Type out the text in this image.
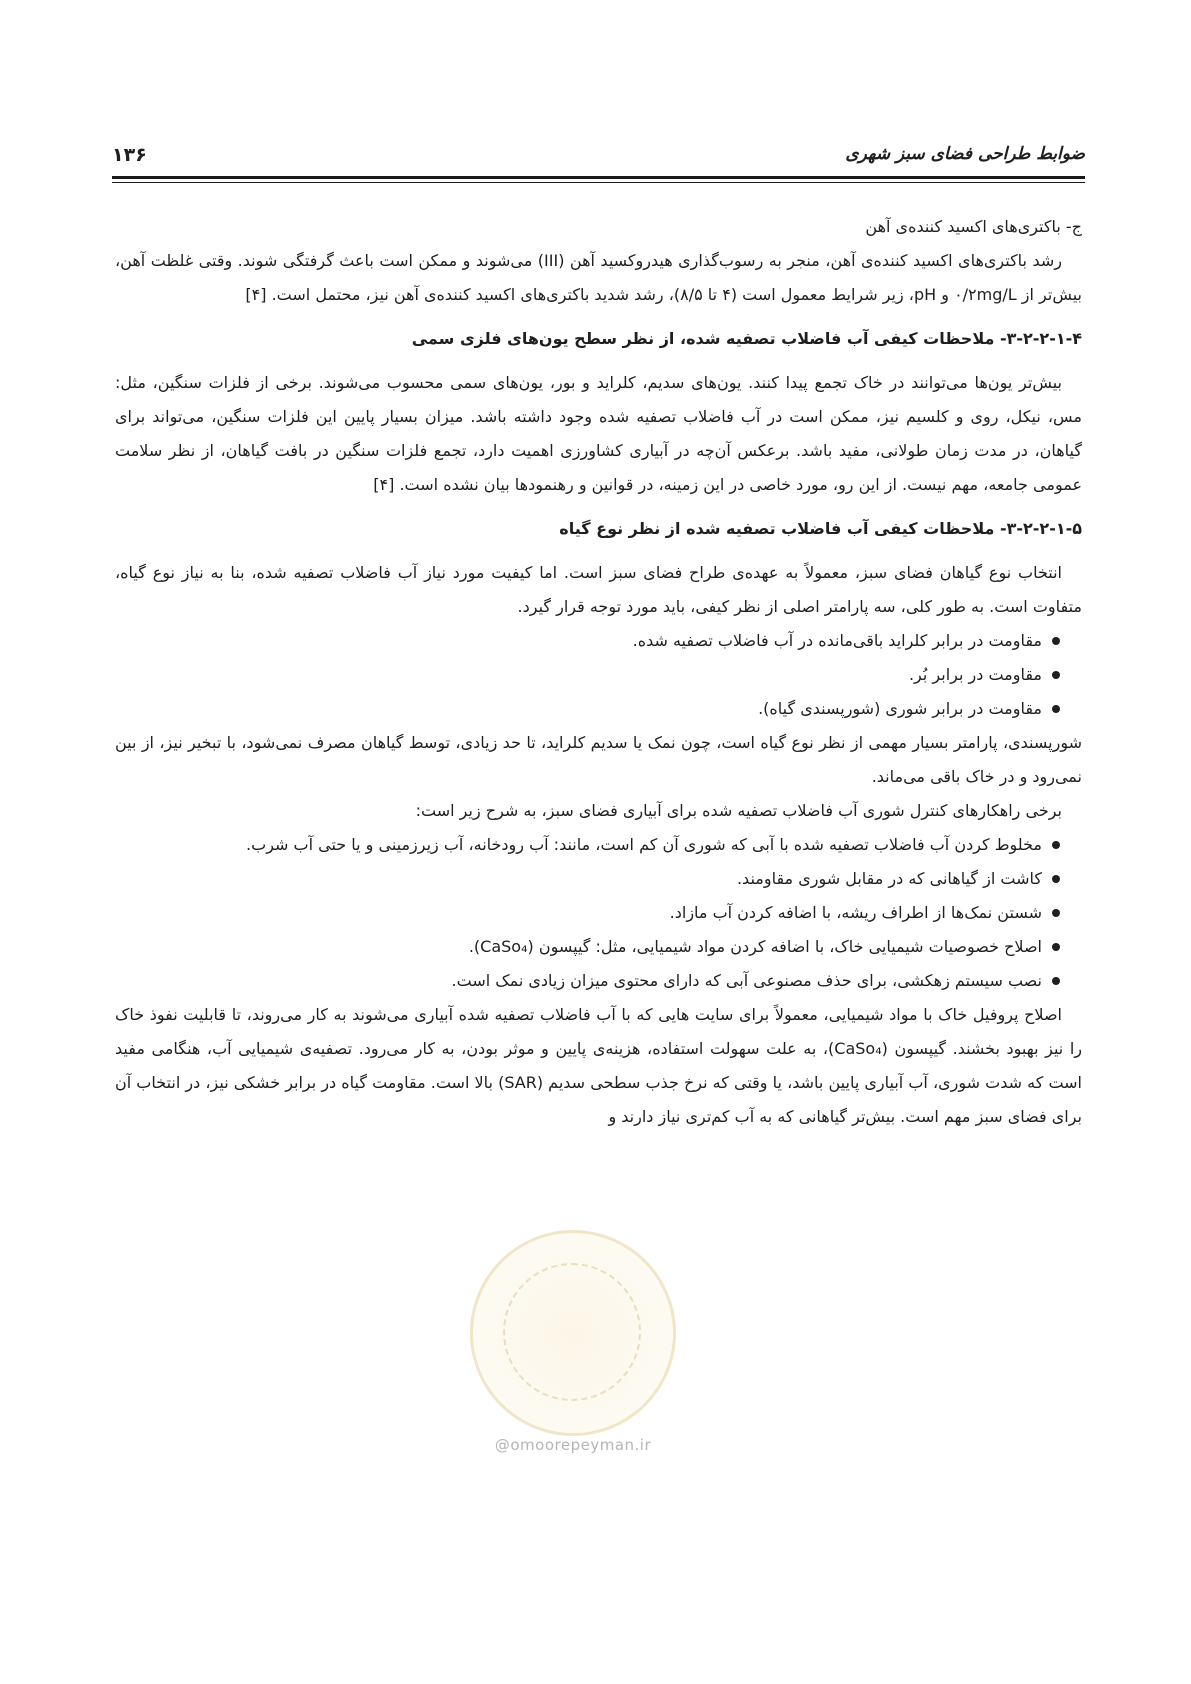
۱۳۶	ضوابط طراحی فضای سبز شهری

ج- باکتری‌های اکسید کننده‌ی آهن

رشد باکتری‌های اکسید کننده‌ی آهن، منجر به رسوب‌گذاری هیدروکسید آهن (III) می‌شوند و ممکن است باعث گرفتگی شوند. وقتی غلظت آهن، بیش‌تر از ۰/۲mg/L و pH، زیر شرایط معمول است (۴ تا ۸/۵)، رشد شدید باکتری‌های اکسید کننده‌ی آهن نیز، محتمل است. [۴]

۳-۲-۲-۱-۴- ملاحظات کیفی آب فاضلاب تصفیه شده، از نظر سطح یون‌های فلزی سمی

بیش‌تر یون‌ها می‌توانند در خاک تجمع پیدا کنند. یون‌های سدیم، کلراید و بور، یون‌های سمی محسوب می‌شوند. برخی از فلزات سنگین، مثل: مس، نیکل، روی و کلسیم نیز، ممکن است در آب فاضلاب تصفیه شده وجود داشته باشد. میزان بسیار پایین این فلزات سنگین، می‌تواند برای گیاهان، در مدت زمان طولانی، مفید باشد. برعکس آن‌چه در آبیاری کشاورزی اهمیت دارد، تجمع فلزات سنگین در بافت گیاهان، از نظر سلامت عمومی جامعه، مهم نیست. از این رو، مورد خاصی در این زمینه، در قوانین و رهنمودها بیان نشده است. [۴]

۳-۲-۲-۱-۵- ملاحظات کیفی آب فاضلاب تصفیه شده از نظر نوع گیاه

انتخاب نوع گیاهان فضای سبز، معمولاً به عهده‌ی طراح فضای سبز است. اما کیفیت مورد نیاز آب فاضلاب تصفیه شده، بنا به نیاز نوع گیاه، متفاوت است. به طور کلی، سه پارامتر اصلی از نظر کیفی، باید مورد توجه قرار گیرد.

مقاومت در برابر کلراید باقی‌مانده در آب فاضلاب تصفیه شده.
مقاومت در برابر بُر.
مقاومت در برابر شوری (شورپسندی گیاه).

شورپسندی، پارامتر بسیار مهمی از نظر نوع گیاه است، چون نمک یا سدیم کلراید، تا حد زیادی، توسط گیاهان مصرف نمی‌شود، با تبخیر نیز، از بین نمی‌رود و در خاک باقی می‌ماند.

برخی راهکارهای کنترل شوری آب فاضلاب تصفیه شده برای آبیاری فضای سبز، به شرح زیر است:

مخلوط کردن آب فاضلاب تصفیه شده با آبی که شوری آن کم است، مانند: آب رودخانه، آب زیرزمینی و یا حتی آب شرب.
کاشت از گیاهانی که در مقابل شوری مقاومند.
شستن نمک‌ها از اطراف ریشه، با اضافه کردن آب مازاد.
اصلاح خصوصیات شیمیایی خاک، با اضافه کردن مواد شیمیایی، مثل: گیپسون (CaSo₄).
نصب سیستم زهکشی، برای حذف مصنوعی آبی که دارای محتوی میزان زیادی نمک است.

اصلاح پروفیل خاک با مواد شیمیایی، معمولاً برای سایت هایی که با آب فاضلاب تصفیه شده آبیاری می‌شوند به کار می‌روند، تا قابلیت نفوذ خاک را نیز بهبود بخشند. گیپسون (CaSo₄)، به علت سهولت استفاده، هزینه‌ی پایین و موثر بودن، به کار می‌رود. تصفیه‌ی شیمیایی آب، هنگامی مفید است که شدت شوری، آب آبیاری پایین باشد، یا وقتی که نرخ جذب سطحی سدیم (SAR) بالا است. مقاومت گیاه در برابر خشکی نیز، در انتخاب آن برای فضای سبز مهم است. بیش‌تر گیاهانی که به آب کم‌تری نیاز دارند و

@omoorepeyman.ir
